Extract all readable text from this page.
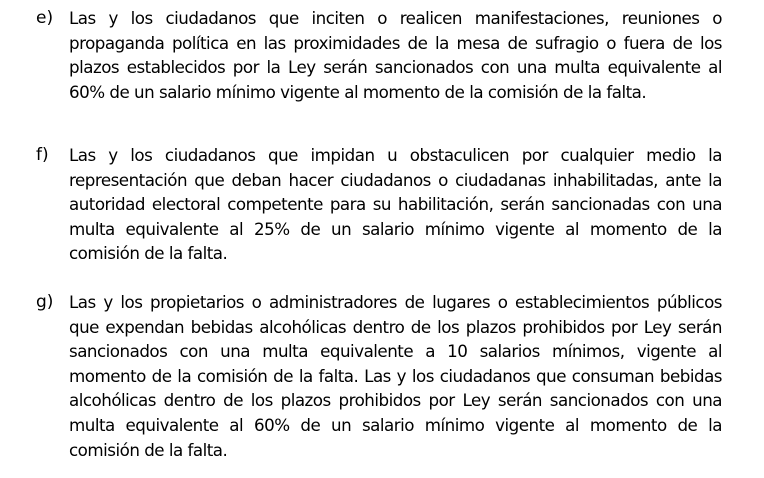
e) Las y los ciudadanos que inciten o realicen manifestaciones, reuniones o propaganda política en las proximidades de la mesa de sufragio o fuera de los plazos establecidos por la Ley serán sancionados con una multa equivalente al 60% de un salario mínimo vigente al momento de la comisión de la falta.
f) Las y los ciudadanos que impidan u obstaculicen por cualquier medio la representación que deban hacer ciudadanos o ciudadanas inhabilitadas, ante la autoridad electoral competente para su habilitación, serán sancionadas con una multa equivalente al 25% de un salario mínimo vigente al momento de la comisión de la falta.
g) Las y los propietarios o administradores de lugares o establecimientos públicos que expendan bebidas alcohólicas dentro de los plazos prohibidos por Ley serán sancionados con una multa equivalente a 10 salarios mínimos, vigente al momento de la comisión de la falta. Las y los ciudadanos que consuman bebidas alcohólicas dentro de los plazos prohibidos por Ley serán sancionados con una multa equivalente al 60% de un salario mínimo vigente al momento de la comisión de la falta.
